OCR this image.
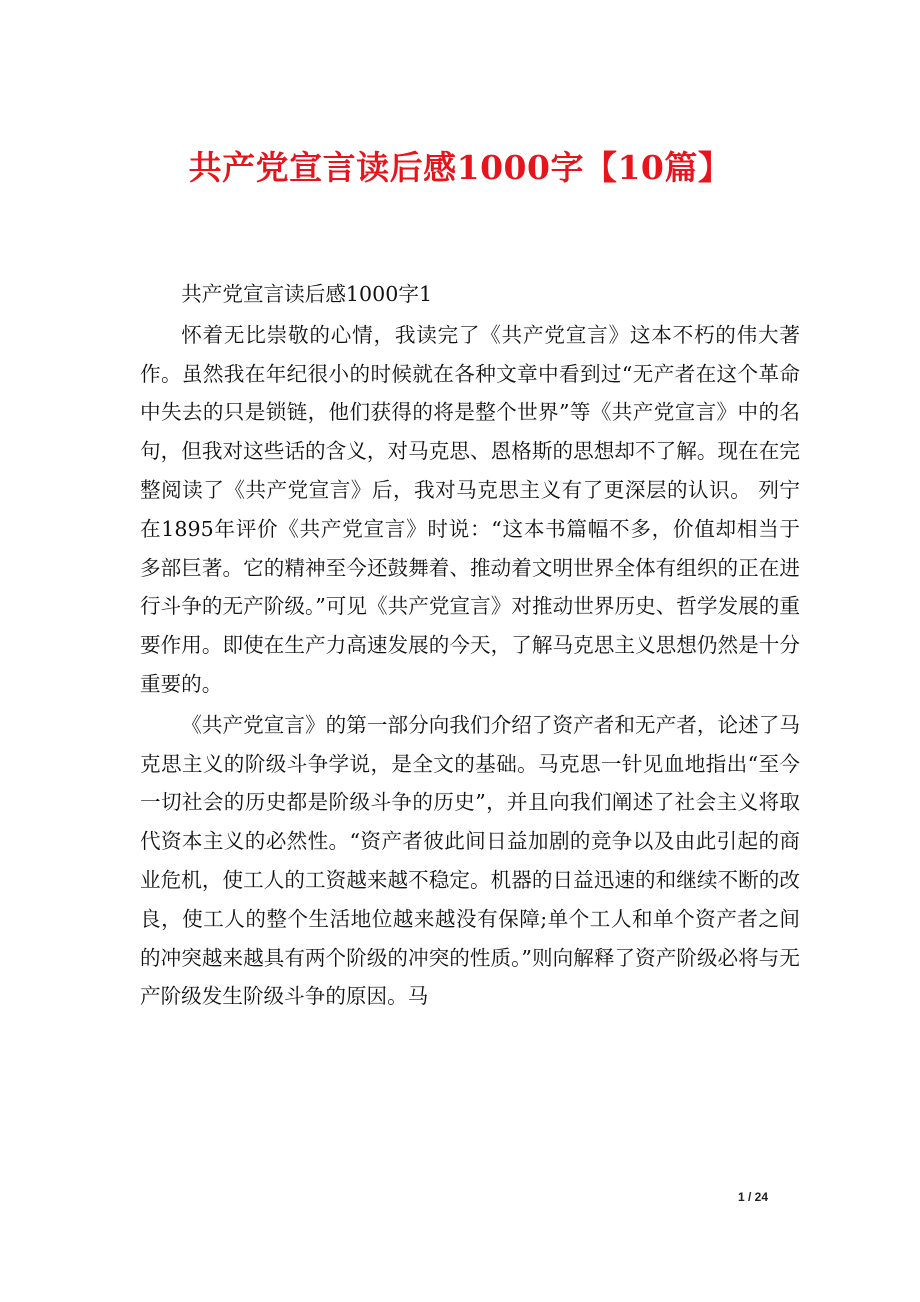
共产党宣言读后感1000字【10篇】

共产党宣言读后感1000字1

怀着无比崇敬的心情，我读完了《共产党宣言》这本不朽的伟大著作。虽然我在年纪很小的时候就在各种文章中看到过“无产者在这个革命中失去的只是锁链，他们获得的将是整个世界”等《共产党宣言》中的名句，但我对这些话的含义，对马克思、恩格斯的思想却不了解。现在在完整阅读了《共产党宣言》后，我对马克思主义有了更深层的认识。 列宁在1895年评价《共产党宣言》时说：“这本书篇幅不多，价值却相当于多部巨著。它的精神至今还鼓舞着、推动着文明世界全体有组织的正在进行斗争的无产阶级。”可见《共产党宣言》对推动世界历史、哲学发展的重要作用。即使在生产力高速发展的今天，了解马克思主义思想仍然是十分重要的。

《共产党宣言》的第一部分向我们介绍了资产者和无产者，论述了马克思主义的阶级斗争学说，是全文的基础。马克思一针见血地指出“至今一切社会的历史都是阶级斗争的历史”，并且向我们阐述了社会主义将取代资本主义的必然性。“资产者彼此间日益加剧的竞争以及由此引起的商业危机，使工人的工资越来越不稳定。机器的日益迅速的和继续不断的改良，使工人的整个生活地位越来越没有保障;单个工人和单个资产者之间的冲突越来越具有两个阶级的冲突的性质。”则向解释了资产阶级必将与无产阶级发生阶级斗争的原因。马

1 / 24
